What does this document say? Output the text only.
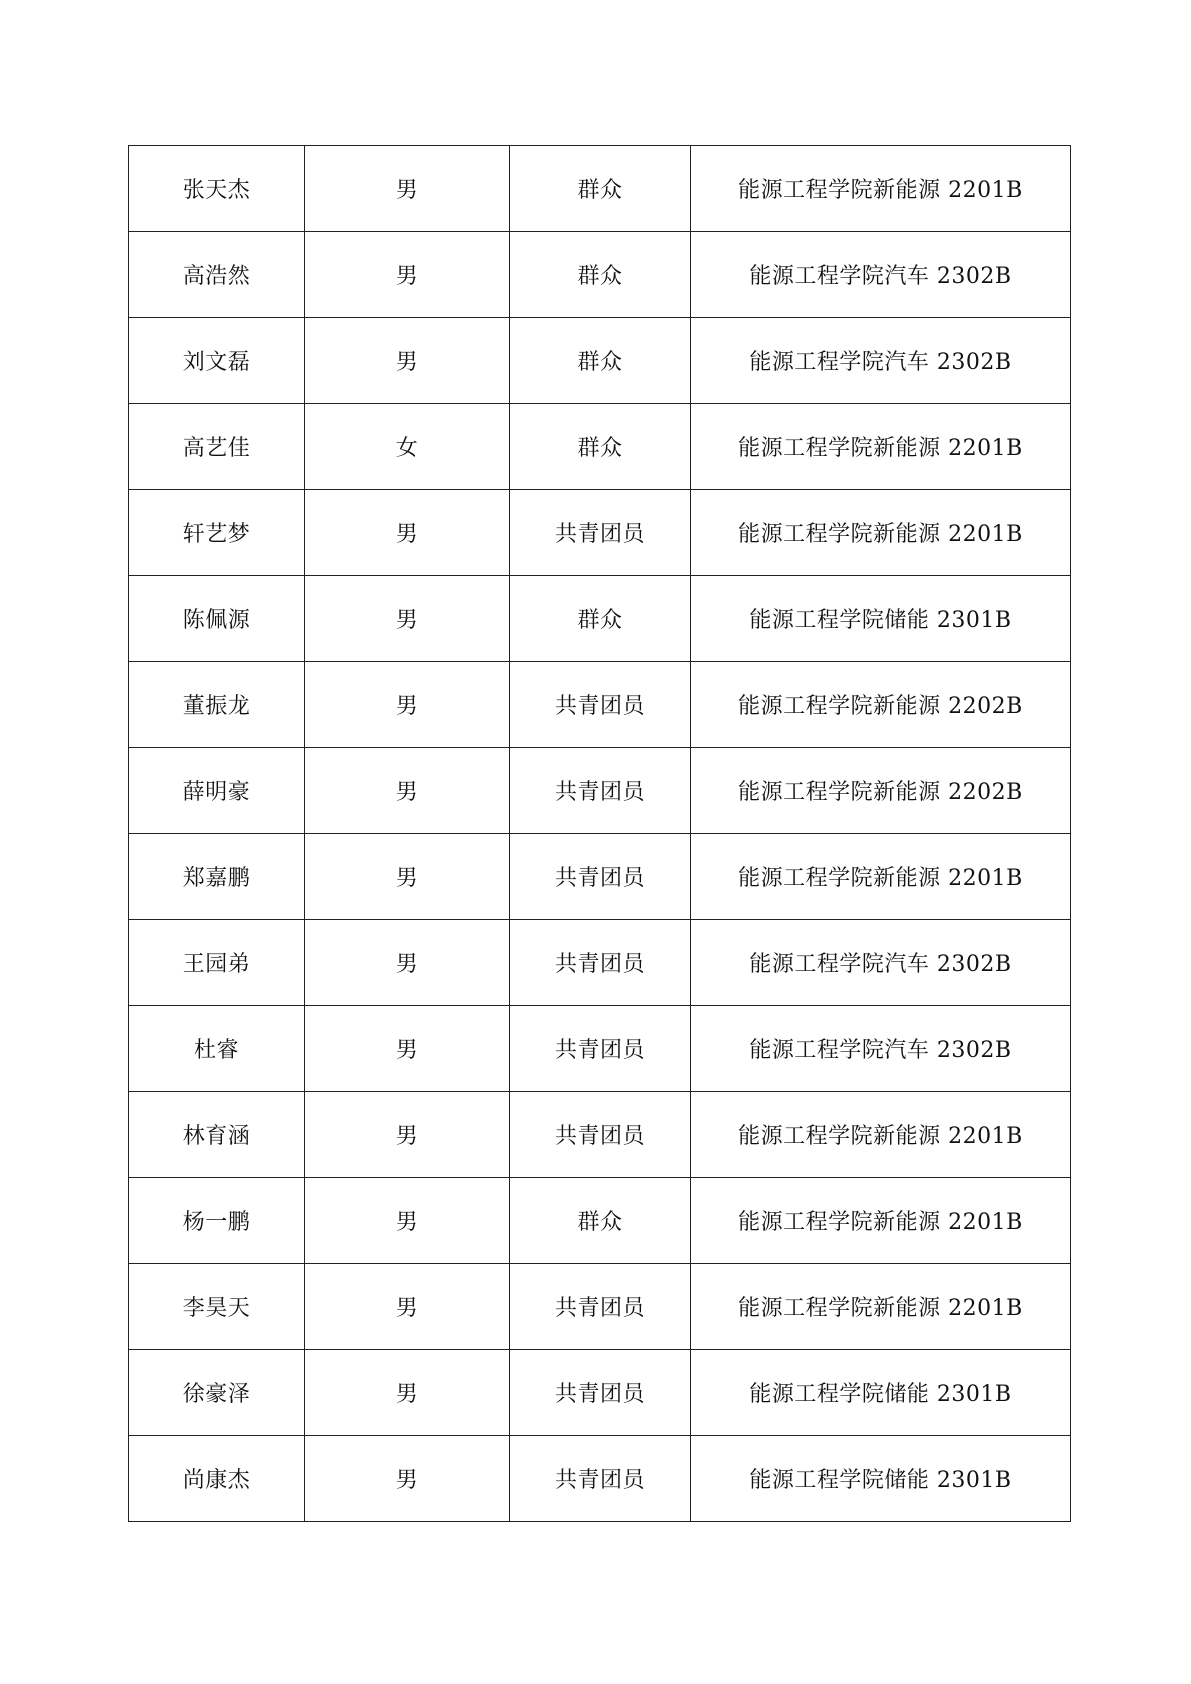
张天杰	男	群众	能源工程学院新能源 2201B
高浩然	男	群众	能源工程学院汽车 2302B
刘文磊	男	群众	能源工程学院汽车 2302B
高艺佳	女	群众	能源工程学院新能源 2201B
轩艺梦	男	共青团员	能源工程学院新能源 2201B
陈佩源	男	群众	能源工程学院储能 2301B
董振龙	男	共青团员	能源工程学院新能源 2202B
薛明豪	男	共青团员	能源工程学院新能源 2202B
郑嘉鹏	男	共青团员	能源工程学院新能源 2201B
王园弟	男	共青团员	能源工程学院汽车 2302B
杜睿	男	共青团员	能源工程学院汽车 2302B
林育涵	男	共青团员	能源工程学院新能源 2201B
杨一鹏	男	群众	能源工程学院新能源 2201B
李昊天	男	共青团员	能源工程学院新能源 2201B
徐豪泽	男	共青团员	能源工程学院储能 2301B
尚康杰	男	共青团员	能源工程学院储能 2301B
